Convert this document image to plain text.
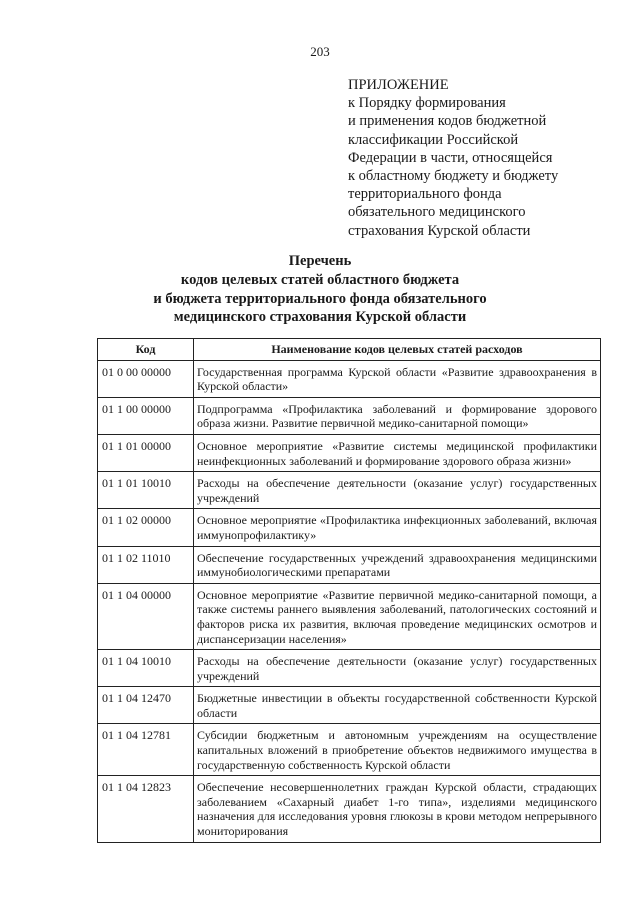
203
ПРИЛОЖЕНИЕ
к Порядку формирования
и применения кодов бюджетной
классификации Российской
Федерации в части, относящейся
к областному бюджету и бюджету
территориального фонда
обязательного медицинского
страхования Курской области
Перечень
кодов целевых статей областного бюджета
и бюджета территориального фонда обязательного
медицинского страхования Курской области
Код	Наименование кодов целевых статей расходов
01 0 00 00000	Государственная программа Курской области «Развитие здравоохранения в Курской области»
01 1 00 00000	Подпрограмма «Профилактика заболеваний и формирование здорового образа жизни. Развитие первичной медико-санитарной помощи»
01 1 01 00000	Основное мероприятие «Развитие системы медицинской профилактики неинфекционных заболеваний и формирование здорового образа жизни»
01 1 01 10010	Расходы на обеспечение деятельности (оказание услуг) государственных учреждений
01 1 02 00000	Основное мероприятие «Профилактика инфекционных заболеваний, включая иммунопрофилактику»
01 1 02 11010	Обеспечение государственных учреждений здравоохранения медицинскими иммунобиологическими препаратами
01 1 04 00000	Основное мероприятие «Развитие первичной медико-санитарной помощи, а также системы раннего выявления заболеваний, патологических состояний и факторов риска их развития, включая проведение медицинских осмотров и диспансеризации населения»
01 1 04 10010	Расходы на обеспечение деятельности (оказание услуг) государственных учреждений
01 1 04 12470	Бюджетные инвестиции в объекты государственной собственности Курской области
01 1 04 12781	Субсидии бюджетным и автономным учреждениям на осуществление капитальных вложений в приобретение объектов недвижимого имущества в государственную собственность Курской области
01 1 04 12823	Обеспечение несовершеннолетних граждан Курской области, страдающих заболеванием «Сахарный диабет 1-го типа», изделиями медицинского назначения для исследования уровня глюкозы в крови методом непрерывного мониторирования
